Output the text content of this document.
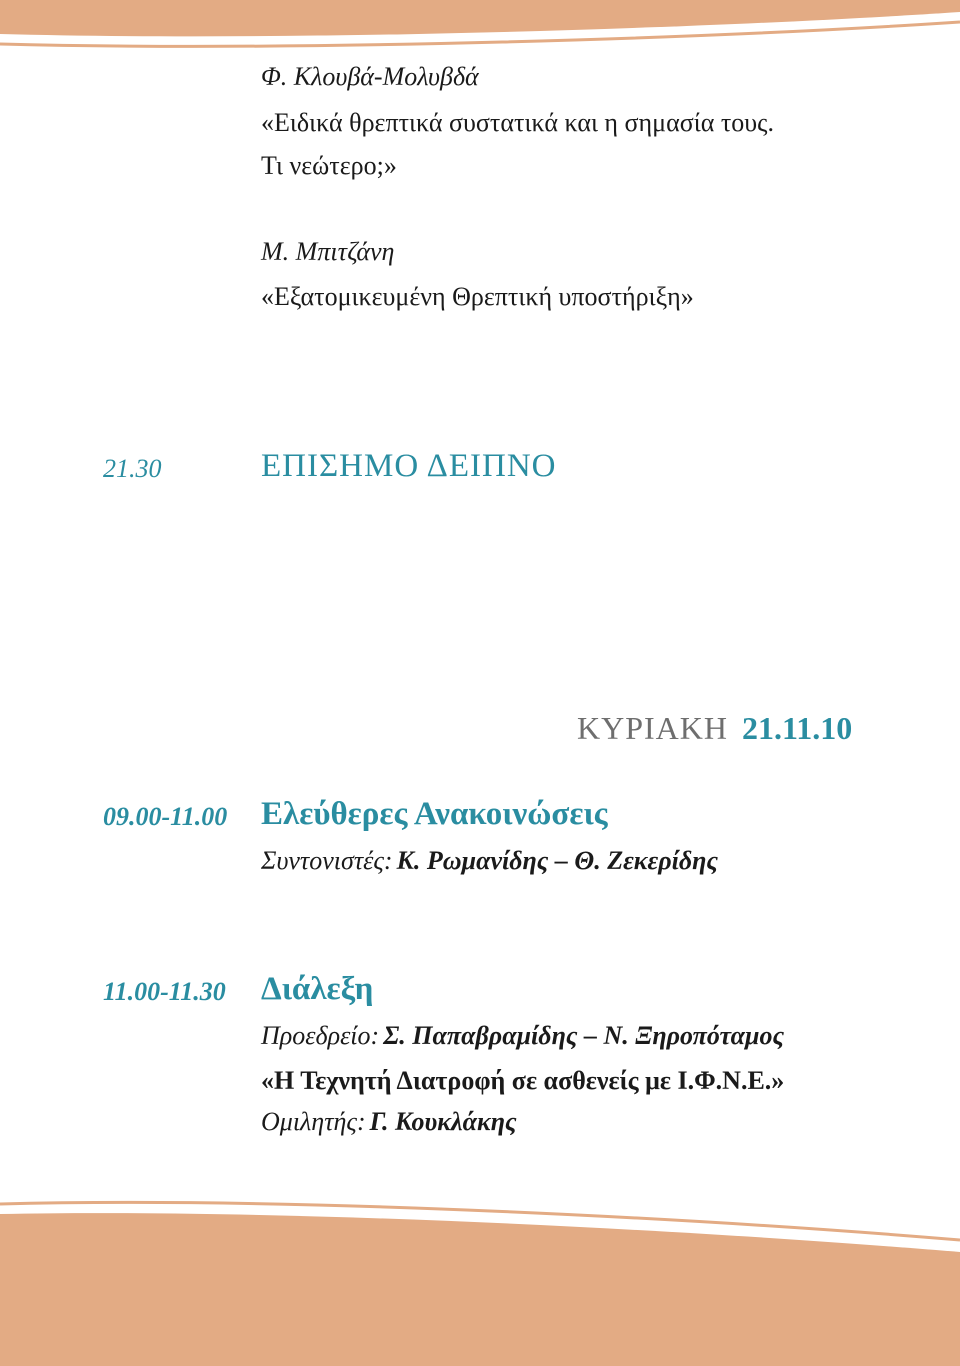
Φ. Κλουβά-Μολυβδά
«Ειδικά θρεπτικά συστατικά και η σημασία τους.
Τι νεώτερο;»
Μ. Μπιτζάνη
«Εξατομικευμένη Θρεπτική υποστήριξη»
21.30	ΕΠΙΣΗΜΟ ΔΕΙΠΝΟ
ΚΥΡΙΑΚΗ 21.11.10
09.00-11.00 Ελεύθερες Ανακοινώσεις
Συντονιστές: Κ. Ρωμανίδης – Θ. Ζεκερίδης
11.00-11.30 Διάλεξη
Προεδρείο: Σ. Παπαβραμίδης – Ν. Ξηροπόταμος
«Η Τεχνητή Διατροφή σε ασθενείς με Ι.Φ.Ν.Ε.»
Ομιλητής: Γ. Κουκλάκης
